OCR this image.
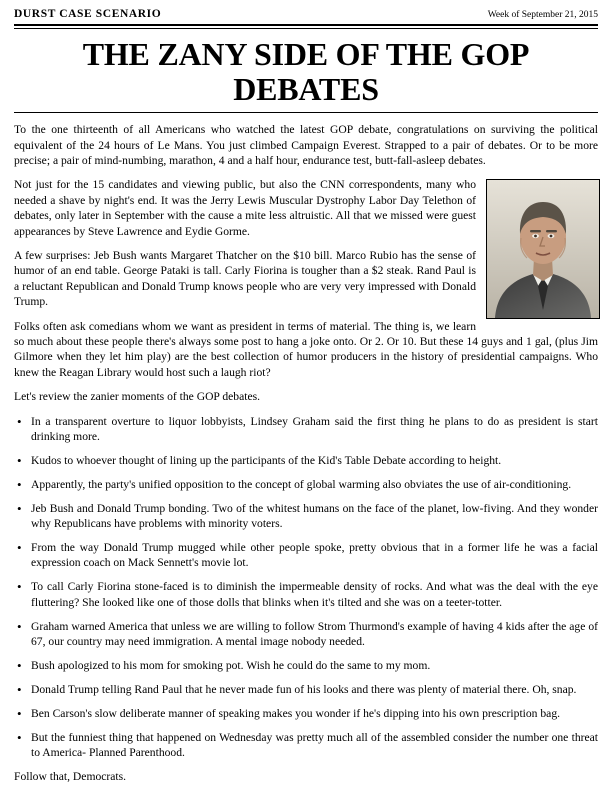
DURST CASE SCENARIO	Week of September 21, 2015
THE ZANY SIDE OF THE GOP DEBATES

To the one thirteenth of all Americans who watched the latest GOP debate, congratulations on surviving the political equivalent of the 24 hours of Le Mans. You just climbed Campaign Everest. Strapped to a pair of debates. Or to be more precise; a pair of mind-numbing, marathon, 4 and a half hour, endurance test, butt-fall-asleep debates.

Not just for the 15 candidates and viewing public, but also the CNN correspondents, many who needed a shave by night's end. It was the Jerry Lewis Muscular Dystrophy Labor Day Telethon of debates, only later in September with the cause a mite less altruistic. All that we missed were guest appearances by Steve Lawrence and Eydie Gorme.

A few surprises: Jeb Bush wants Margaret Thatcher on the $10 bill. Marco Rubio has the sense of humor of an end table. George Pataki is tall. Carly Fiorina is tougher than a $2 steak. Rand Paul is a reluctant Republican and Donald Trump knows people who are very very impressed with Donald Trump.

Folks often ask comedians whom we want as president in terms of material. The thing is, we learn so much about these people there's always some post to hang a joke onto. Or 2. Or 10. But these 14 guys and 1 gal, (plus Jim Gilmore when they let him play) are the best collection of humor producers in the history of presidential campaigns. Who knew the Reagan Library would host such a laugh riot?

Let's review the zanier moments of the GOP debates.

• In a transparent overture to liquor lobbyists, Lindsey Graham said the first thing he plans to do as president is start drinking more.
• Kudos to whoever thought of lining up the participants of the Kid's Table Debate according to height.
• Apparently, the party's unified opposition to the concept of global warming also obviates the use of air-conditioning.
• Jeb Bush and Donald Trump bonding. Two of the whitest humans on the face of the planet, low-fiving. And they wonder why Republicans have problems with minority voters.
• From the way Donald Trump mugged while other people spoke, pretty obvious that in a former life he was a facial expression coach on Mack Sennett's movie lot.
• To call Carly Fiorina stone-faced is to diminish the impermeable density of rocks. And what was the deal with the eye fluttering? She looked like one of those dolls that blinks when it's tilted and she was on a teeter-totter.
• Graham warned America that unless we are willing to follow Strom Thurmond's example of having 4 kids after the age of 67, our country may need immigration. A mental image nobody needed.
• Bush apologized to his mom for smoking pot. Wish he could do the same to my mom.
• Donald Trump telling Rand Paul that he never made fun of his looks and there was plenty of material there. Oh, snap.
• Ben Carson's slow deliberate manner of speaking makes you wonder if he's dipping into his own prescription bag.
• But the funniest thing that happened on Wednesday was pretty much all of the assembled consider the number one threat to America- Planned Parenthood.

Follow that, Democrats.
